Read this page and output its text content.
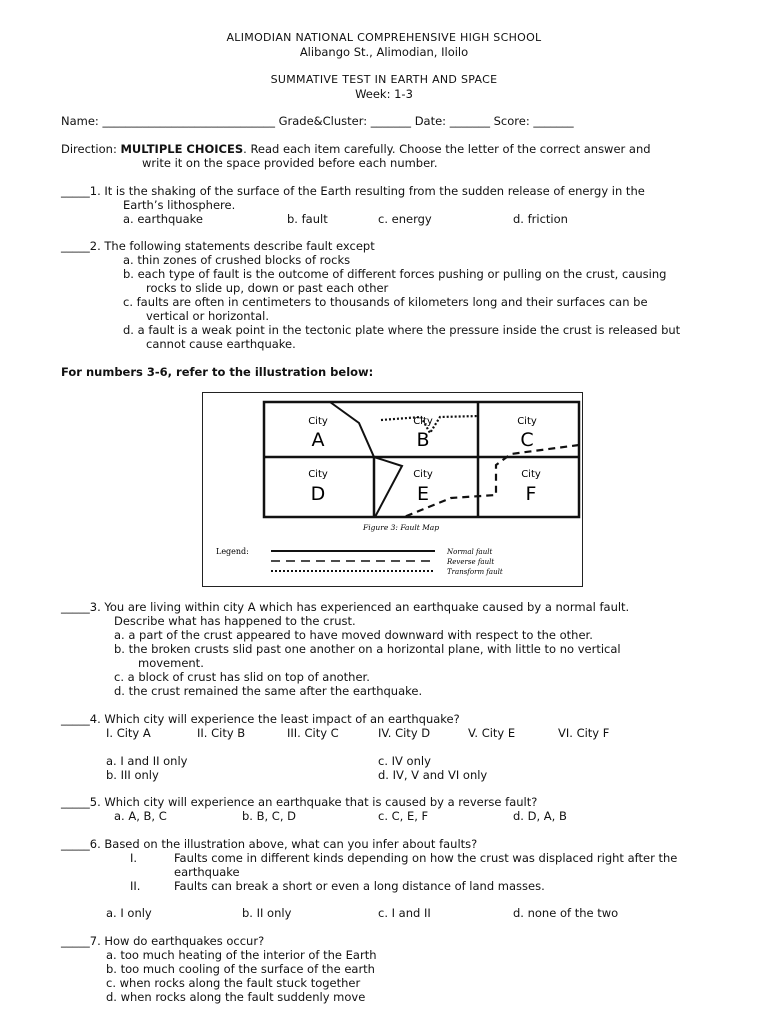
ALIMODIAN NATIONAL COMPREHENSIVE HIGH SCHOOL
Alibango St., Alimodian, Iloilo
SUMMATIVE TEST IN EARTH AND SPACE
Week: 1-3
Name: ______________________________ Grade&Cluster: _______ Date: _______ Score: _______
Direction: MULTIPLE CHOICES. Read each item carefully. Choose the letter of the correct answer and
write it on the space provided before each number.
_____1. It is the shaking of the surface of the Earth resulting from the sudden release of energy in the
Earth’s lithosphere.
a. earthquake	b. fault	c. energy	d. friction
_____2. The following statements describe fault except
a. thin zones of crushed blocks of rocks
b. each type of fault is the outcome of different forces pushing or pulling on the crust, causing
rocks to slide up, down or past each other
c. faults are often in centimeters to thousands of kilometers long and their surfaces can be
vertical or horizontal.
d. a fault is a weak point in the tectonic plate where the pressure inside the crust is released but
cannot cause earthquake.
For numbers 3-6, refer to the illustration below:
City
A
City
B
City
C
City
D
City
E
City
F
Figure 3: Fault Map
Legend:	Normal fault
Reverse fault
Transform fault
_____3. You are living within city A which has experienced an earthquake caused by a normal fault.
Describe what has happened to the crust.
a. a part of the crust appeared to have moved downward with respect to the other.
b. the broken crusts slid past one another on a horizontal plane, with little to no vertical
movement.
c. a block of crust has slid on top of another.
d. the crust remained the same after the earthquake.
_____4. Which city will experience the least impact of an earthquake?
I. City A	II. City B	III. City C	IV. City D	V. City E	VI. City F
a. I and II only	c. IV only
b. III only	d. IV, V and VI only
_____5. Which city will experience an earthquake that is caused by a reverse fault?
a. A, B, C	b. B, C, D	c. C, E, F	d. D, A, B
_____6. Based on the illustration above, what can you infer about faults?
I.	Faults come in different kinds depending on how the crust was displaced right after the
earthquake
II.	Faults can break a short or even a long distance of land masses.
a. I only	b. II only	c. I and II	d. none of the two
_____7. How do earthquakes occur?
a. too much heating of the interior of the Earth
b. too much cooling of the surface of the earth
c. when rocks along the fault stuck together
d. when rocks along the fault suddenly move
